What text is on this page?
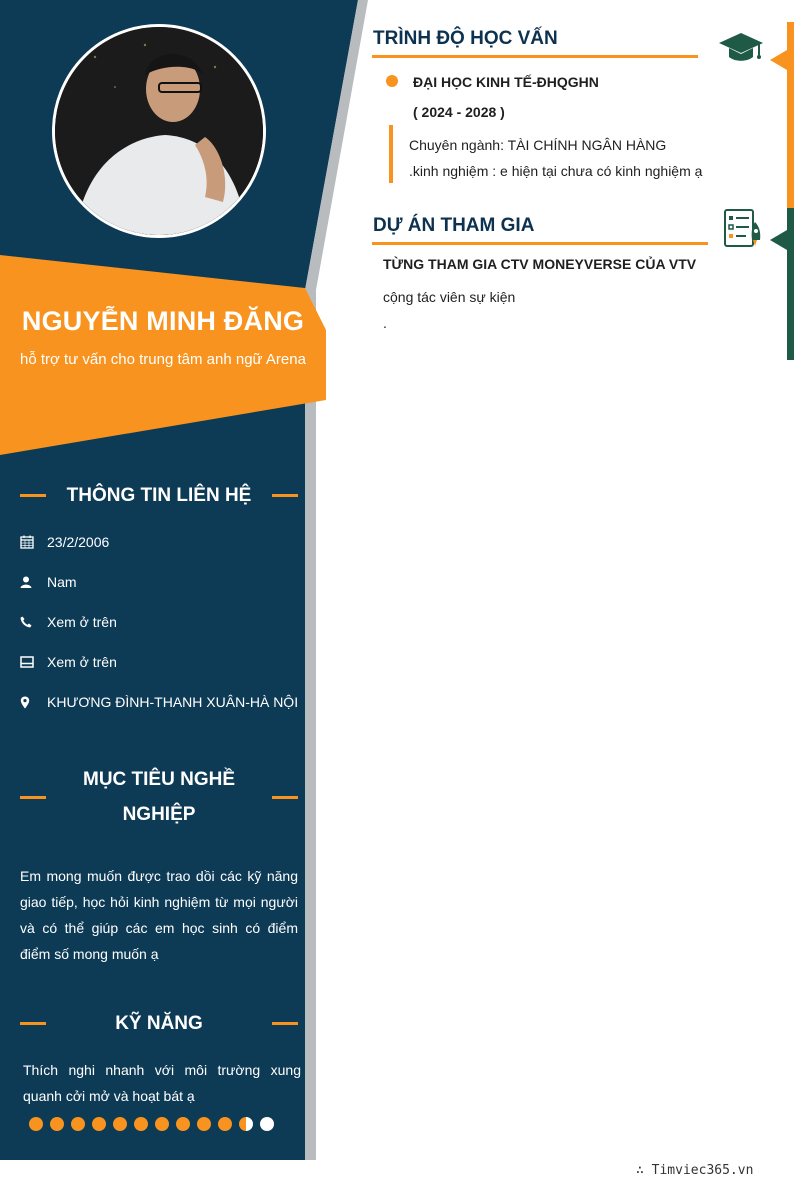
NGUYỄN MINH ĐĂNG
hỗ trợ tư vấn cho trung tâm anh ngữ Arena
THÔNG TIN LIÊN HỆ
23/2/2006
Nam
Xem ở trên
Xem ở trên
KHƯƠNG ĐÌNH-THANH XUÂN-HÀ NỘI
MỤC TIÊU NGHỀ
NGHIỆP
Em mong muốn được trao dồi các kỹ năng giao tiếp, học hỏi kinh nghiệm từ mọi người và có thể giúp các em học sinh có điểm điểm số mong muốn ạ
KỸ NĂNG
Thích nghi nhanh với môi trường xung quanh cởi mở và hoạt bát ạ
TRÌNH ĐỘ HỌC VẤN
ĐẠI HỌC KINH TẾ-ĐHQGHN
( 2024 - 2028 )
Chuyên ngành: TÀI CHÍNH NGÂN HÀNG
.kinh nghiệm : e hiện tại chưa có kinh nghiệm ạ
DỰ ÁN THAM GIA
TỪNG THAM GIA CTV MONEYVERSE CỦA VTV
cộng tác viên sự kiện
.
∴ Timviec365.vn
